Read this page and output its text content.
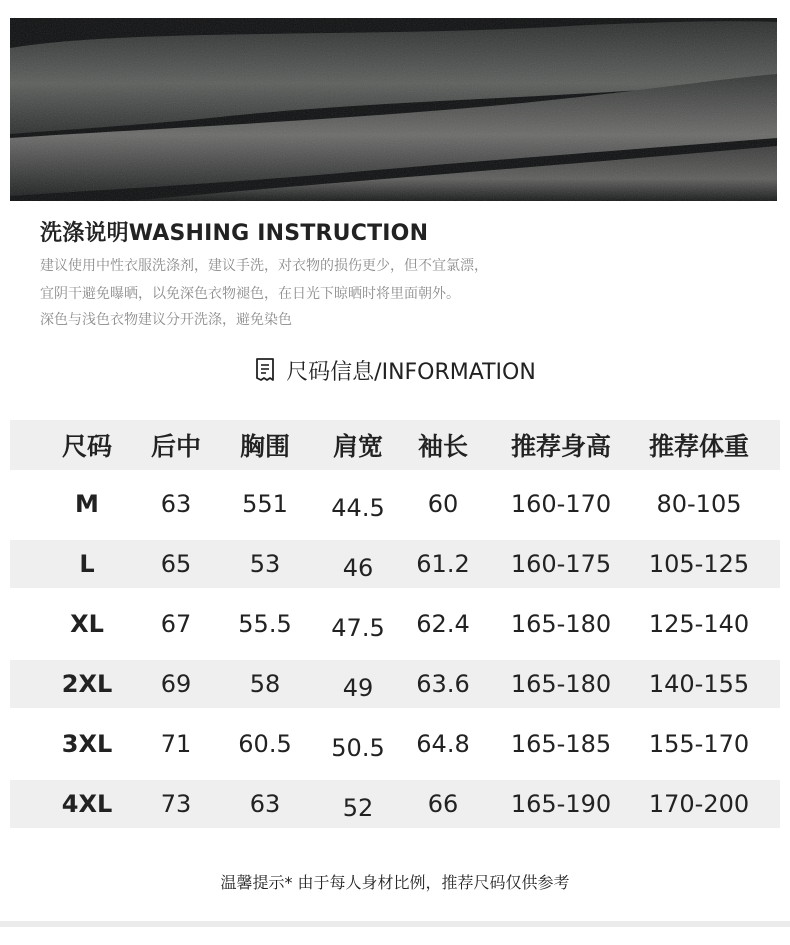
洗涤说明WASHING INSTRUCTION
建议使用中性衣服洗涤剂，建议手洗，对衣物的损伤更少，但不宜氯漂，
宜阴干避免曝晒，以免深色衣物褪色，在日光下晾晒时将里面朝外。
深色与浅色衣物建议分开洗涤，避免染色
尺码信息/INFORMATION
尺码	后中	胸围	肩宽	袖长	推荐身高	推荐体重
M	63	551	44.5	60	160-170	80-105
L	65	53	46	61.2	160-175	105-125
XL	67	55.5	47.5	62.4	165-180	125-140
2XL	69	58	49	63.6	165-180	140-155
3XL	71	60.5	50.5	64.8	165-185	155-170
4XL	73	63	52	66	165-190	170-200
温馨提示* 由于每人身材比例，推荐尺码仅供参考
